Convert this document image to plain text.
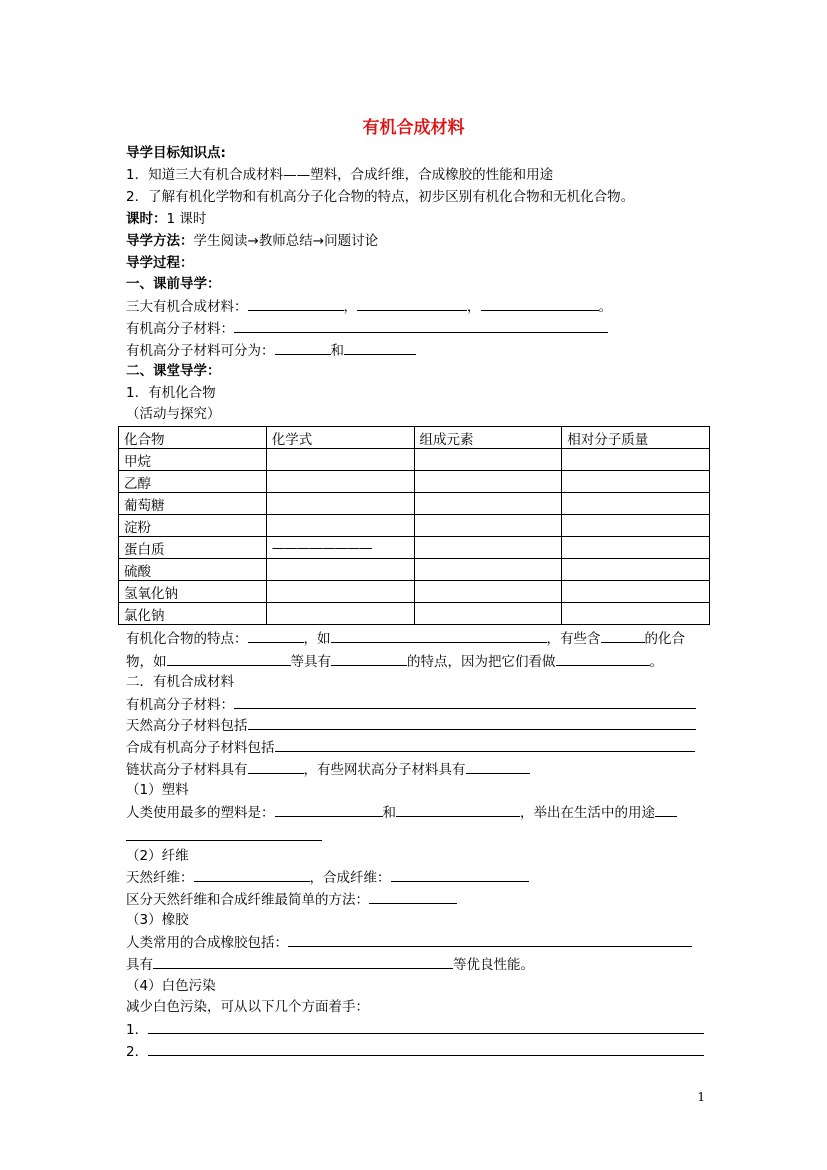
有机合成材料
导学目标知识点:
1．知道三大有机合成材料——塑料，合成纤维，合成橡胶的性能和用途
2．了解有机化学物和有机高分子化合物的特点，初步区别有机化合物和无机化合物。
课时：1 课时
导学方法：学生阅读→教师总结→问题讨论
导学过程：
一、课前导学：
三大有机合成材料：	，	，	。
有机高分子材料：
有机高分子材料可分为：	和
二、课堂导学：
1．有机化合物
（活动与探究）
化合物	化学式	组成元素	相对分子质量
甲烷			
乙醇			
葡萄糖			
淀粉			
蛋白质	————————		
硫酸			
氢氧化钠			
氯化钠			
有机化合物的特点：	，如	，有些含	的化合
物，如	等具有	的特点，因为把它们看做	。
二．有机合成材料
有机高分子材料：
天然高分子材料包括
合成有机高分子材料包括
链状高分子材料具有	，有些网状高分子材料具有
（1）塑料
人类使用最多的塑料是：	和	，举出在生活中的用途
（2）纤维
天然纤维：	，合成纤维：
区分天然纤维和合成纤维最简单的方法：
（3）橡胶
人类常用的合成橡胶包括：
具有	等优良性能。
（4）白色污染
减少白色污染，可从以下几个方面着手：
1．
2．
1
